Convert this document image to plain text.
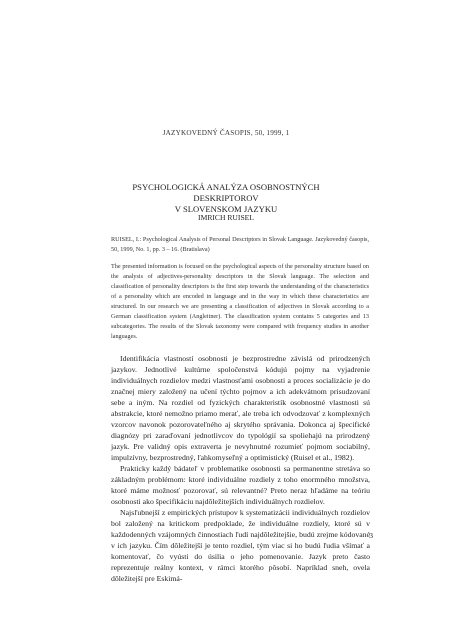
JAZYKOVEDNÝ ČASOPIS, 50, 1999, 1
PSYCHOLOGICKÁ ANALÝZA OSOBNOSTNÝCH DESKRIPTOROV
V SLOVENSKOM JAZYKU
IMRICH RUISEL
RUISEL, I.: Psychological Analysis of Personal Descriptors in Slovak Language. Jazykovedný časopis, 50, 1999, No. 1, pp. 3 – 16. (Bratislava)
The presented information is focused on the psychological aspects of the personality structure based on the analysis of adjectives-personality descriptors in the Slovak language. The selection and classification of personality descriptors is the first step towards the understanding of the characteristics of a personality which are encoded in language and in the way in which these characteristics are structured. In our research we are presenting a classification of adjectives in Slovak according to a German classification system (Angleitner). The classification system contains 5 categories and 13 subcategories. The results of the Slovak taxonomy were compared with frequency studies in another languages.

Identifikácia vlastností osobnosti je bezprostredne závislá od prirodzených jazykov. Jednotlivé kultúrne spoločenstvá kódujú pojmy na vyjadrenie individuálnych rozdielov medzi vlastnosťami osobnosti a proces socializácie je do značnej miery založený na učení týchto pojmov a ich adekvátnom prisudzovaní sebe a iným. Na rozdiel od fyzických charakteristík osobnostné vlastnosti sú abstrakcie, ktoré nemožno priamo merať, ale treba ich odvodzovať z komplexných vzorcov navonok pozorovateľného aj skrytého správania. Dokonca aj špecifické diagnózy pri zaraďovaní jednotlivcov do typológií sa spoliehajú na prirodzený jazyk. Pre validný opis extraverta je nevyhnutné rozumieť pojmom sociabilný, impulzívny, bezprostredný, ľahkomyseľný a optimistický (Ruisel et al., 1982).

Prakticky každý bádateľ v problematike osobnosti sa permanentne stretáva so základným problémom: ktoré individuálne rozdiely z toho enormného množstva, ktoré máme možnosť pozorovať, sú relevantné? Preto neraz hľadáme na teóriu osobnosti ako špecifikáciu najdôležitejších individuálnych rozdielov.

Najsľubnejší z empirických prístupov k systematizácii individuálnych rozdielov bol založený na kritickom predpoklade, že individuálne rozdiely, ktoré sú v každodenných vzájomných činnostiach ľudí najdôležitejšie, budú zrejme kódované v ich jazyku. Čím dôležitejší je tento rozdiel, tým viac si ho budú ľudia všímať a komentovať, čo vyústi do úsilia o jeho pomenovanie. Jazyk preto často reprezentuje reálny kontext, v rámci ktorého pôsobí. Napríklad sneh, ovela dôležitejší pre Eskimá-

3
